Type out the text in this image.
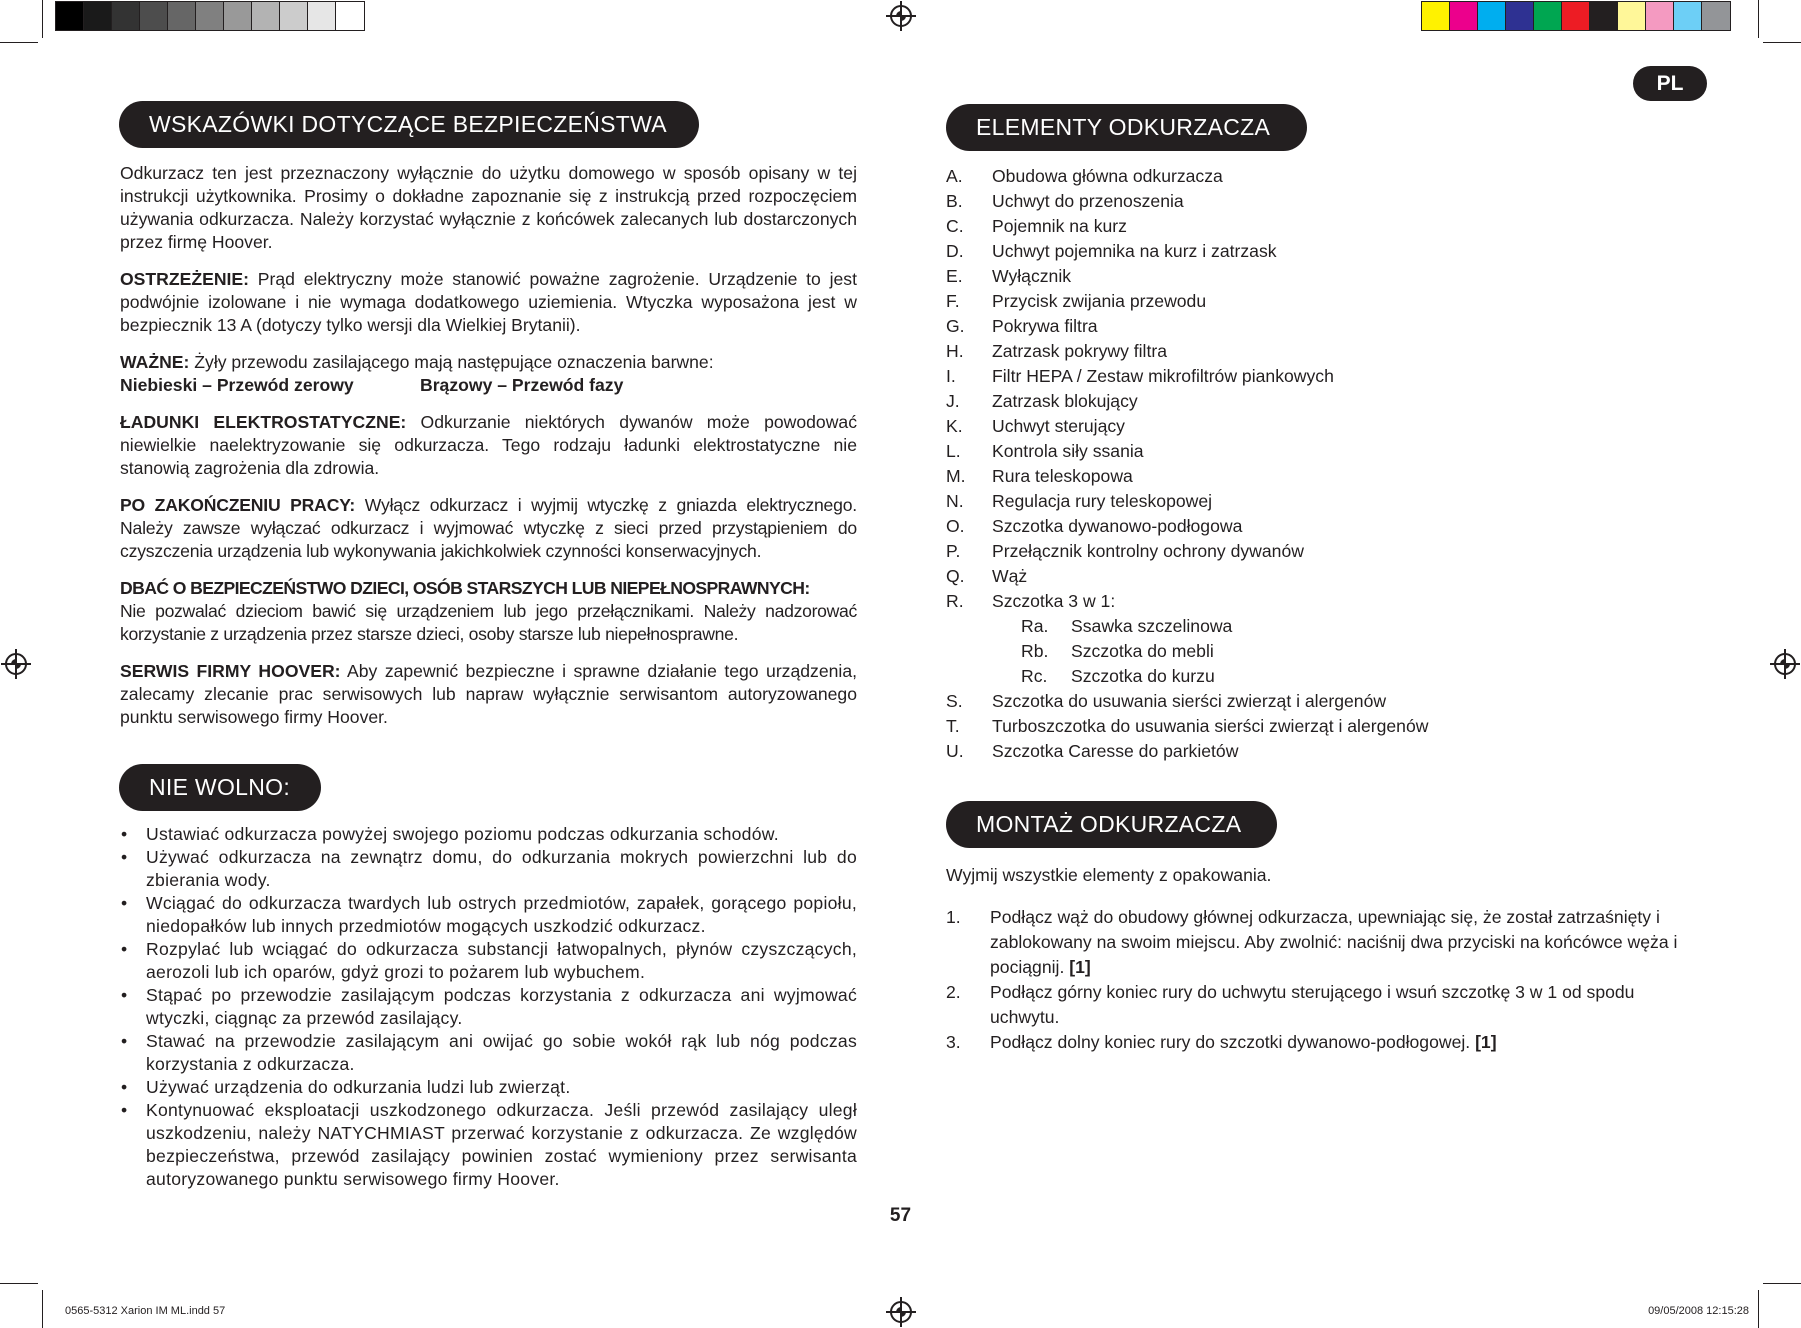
PL
WSKAZÓWKI DOTYCZĄCE BEZPIECZEŃSTWA

Odkurzacz ten jest przeznaczony wyłącznie do użytku domowego w sposób opisany w tej instrukcji użytkownika. Prosimy o dokładne zapoznanie się z instrukcją przed rozpoczęciem używania odkurzacza. Należy korzystać wyłącznie z końcówek zalecanych lub dostarczonych przez firmę Hoover.

OSTRZEŻENIE: Prąd elektryczny może stanowić poważne zagrożenie. Urządzenie to jest podwójnie izolowane i nie wymaga dodatkowego uziemienia. Wtyczka wyposażona jest w bezpiecznik 13 A (dotyczy tylko wersji dla Wielkiej Brytanii).

WAŻNE: Żyły przewodu zasilającego mają następujące oznaczenia barwne:

Niebieski – Przewód zerowy	Brązowy – Przewód fazy

ŁADUNKI ELEKTROSTATYCZNE: Odkurzanie niektórych dywanów może powodować niewielkie naelektryzowanie się odkurzacza. Tego rodzaju ładunki elektrostatyczne nie stanowią zagrożenia dla zdrowia.

PO ZAKOŃCZENIU PRACY: Wyłącz odkurzacz i wyjmij wtyczkę z gniazda elektrycznego. Należy zawsze wyłączać odkurzacz i wyjmować wtyczkę z sieci przed przystąpieniem do czyszczenia urządzenia lub wykonywania jakichkolwiek czynności konserwacyjnych.

DBAĆ O BEZPIECZEŃSTWO DZIECI, OSÓB STARSZYCH LUB NIEPEŁNOSPRAWNYCH:
Nie pozwalać dzieciom bawić się urządzeniem lub jego przełącznikami. Należy nadzorować korzystanie z urządzenia przez starsze dzieci, osoby starsze lub niepełnosprawne.

SERWIS FIRMY HOOVER: Aby zapewnić bezpieczne i sprawne działanie tego urządzenia, zalecamy zlecanie prac serwisowych lub napraw wyłącznie serwisantom autoryzowanego punktu serwisowego firmy Hoover.

NIE WOLNO:
• Ustawiać odkurzacza powyżej swojego poziomu podczas odkurzania schodów.
• Używać odkurzacza na zewnątrz domu, do odkurzania mokrych powierzchni lub do zbierania wody.
• Wciągać do odkurzacza twardych lub ostrych przedmiotów, zapałek, gorącego popiołu, niedopałków lub innych przedmiotów mogących uszkodzić odkurzacz.
• Rozpylać lub wciągać do odkurzacza substancji łatwopalnych, płynów czyszczących, aerozoli lub ich oparów, gdyż grozi to pożarem lub wybuchem.
• Stąpać po przewodzie zasilającym podczas korzystania z odkurzacza ani wyjmować wtyczki, ciągnąc za przewód zasilający.
• Stawać na przewodzie zasilającym ani owijać go sobie wokół rąk lub nóg podczas korzystania z odkurzacza.
• Używać urządzenia do odkurzania ludzi lub zwierząt.
• Kontynuować eksploatacji uszkodzonego odkurzacza. Jeśli przewód zasilający uległ uszkodzeniu, należy NATYCHMIAST przerwać korzystanie z odkurzacza. Ze względów bezpieczeństwa, przewód zasilający powinien zostać wymieniony przez serwisanta autoryzowanego punktu serwisowego firmy Hoover.
ELEMENTY ODKURZACZA
A.	Obudowa główna odkurzacza
B.	Uchwyt do przenoszenia
C.	Pojemnik na kurz
D.	Uchwyt pojemnika na kurz i zatrzask
E.	Wyłącznik
F.	Przycisk zwijania przewodu
G.	Pokrywa filtra
H.	Zatrzask pokrywy filtra
I.	Filtr HEPA / Zestaw mikrofiltrów piankowych
J.	Zatrzask blokujący
K.	Uchwyt sterujący
L.	Kontrola siły ssania
M.	Rura teleskopowa
N.	Regulacja rury teleskopowej
O.	Szczotka dywanowo-podłogowa
P.	Przełącznik kontrolny ochrony dywanów
Q.	Wąż
R.	Szczotka 3 w 1:
Ra.	Ssawka szczelinowa
Rb.	Szczotka do mebli
Rc.	Szczotka do kurzu
S.	Szczotka do usuwania sierści zwierząt i alergenów
T.	Turboszczotka do usuwania sierści zwierząt i alergenów
U.	Szczotka Caresse do parkietów
MONTAŻ ODKURZACZA
Wyjmij wszystkie elementy z opakowania.
1.	Podłącz wąż do obudowy głównej odkurzacza, upewniając się, że został zatrzaśnięty i zablokowany na swoim miejscu. Aby zwolnić: naciśnij dwa przyciski na końcówce węża i pociągnij. [1]
2.	Podłącz górny koniec rury do uchwytu sterującego i wsuń szczotkę 3 w 1 od spodu uchwytu.
3.	Podłącz dolny koniec rury do szczotki dywanowo-podłogowej. [1]
57
0565-5312 Xarion IM ML.indd 57	09/05/2008 12:15:28
